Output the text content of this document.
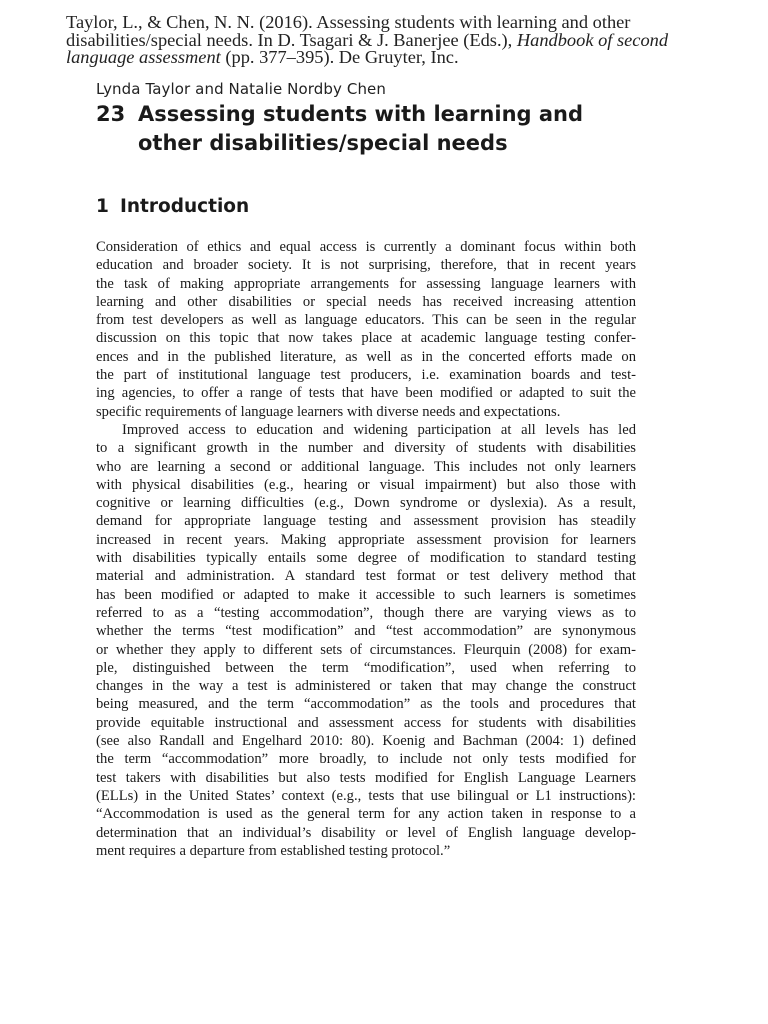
Taylor, L., & Chen, N. N. (2016). Assessing students with learning and other
disabilities/special needs. In D. Tsagari & J. Banerjee (Eds.), Handbook of second
language assessment (pp. 377–395). De Gruyter, Inc.
Lynda Taylor and Natalie Nordby Chen
23 Assessing students with learning and
other disabilities/special needs
1 Introduction
Consideration of ethics and equal access is currently a dominant focus within both
education and broader society. It is not surprising, therefore, that in recent years
the task of making appropriate arrangements for assessing language learners with
learning and other disabilities or special needs has received increasing attention
from test developers as well as language educators. This can be seen in the regular
discussion on this topic that now takes place at academic language testing confer-
ences and in the published literature, as well as in the concerted efforts made on
the part of institutional language test producers, i.e. examination boards and test-
ing agencies, to offer a range of tests that have been modified or adapted to suit the
specific requirements of language learners with diverse needs and expectations.
Improved access to education and widening participation at all levels has led
to a significant growth in the number and diversity of students with disabilities
who are learning a second or additional language. This includes not only learners
with physical disabilities (e.g., hearing or visual impairment) but also those with
cognitive or learning difficulties (e.g., Down syndrome or dyslexia). As a result,
demand for appropriate language testing and assessment provision has steadily
increased in recent years. Making appropriate assessment provision for learners
with disabilities typically entails some degree of modification to standard testing
material and administration. A standard test format or test delivery method that
has been modified or adapted to make it accessible to such learners is sometimes
referred to as a “testing accommodation”, though there are varying views as to
whether the terms “test modification” and “test accommodation” are synonymous
or whether they apply to different sets of circumstances. Fleurquin (2008) for exam-
ple, distinguished between the term “modification”, used when referring to
changes in the way a test is administered or taken that may change the construct
being measured, and the term “accommodation” as the tools and procedures that
provide equitable instructional and assessment access for students with disabilities
(see also Randall and Engelhard 2010: 80). Koenig and Bachman (2004: 1) defined
the term “accommodation” more broadly, to include not only tests modified for
test takers with disabilities but also tests modified for English Language Learners
(ELLs) in the United States’ context (e.g., tests that use bilingual or L1 instructions):
“Accommodation is used as the general term for any action taken in response to a
determination that an individual’s disability or level of English language develop-
ment requires a departure from established testing protocol.”
